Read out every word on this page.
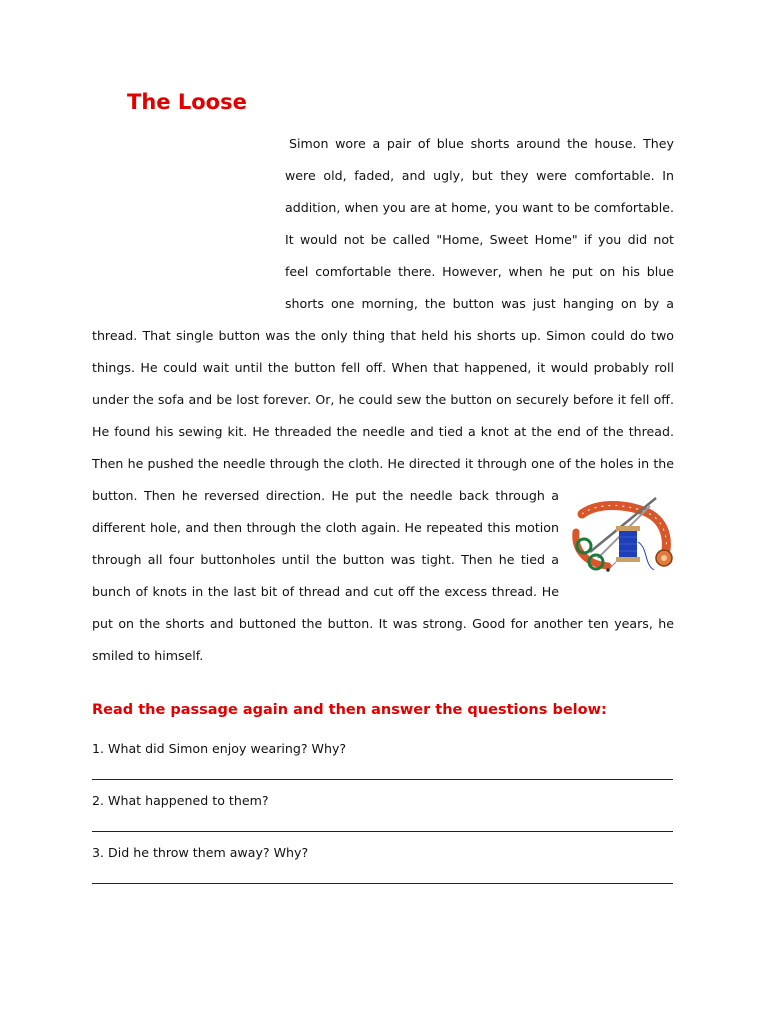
The Loose
Simon wore a pair of blue shorts around the house. They
were old, faded, and ugly, but they were comfortable. In
addition, when you are at home, you want to be comfortable.
It would not be called "Home, Sweet Home" if you did not
feel comfortable there. However, when he put on his blue
shorts one morning, the button was just hanging on by a
thread. That single button was the only thing that held his shorts up. Simon could do two
things. He could wait until the button fell off. When that happened, it would probably roll
under the sofa and be lost forever. Or, he could sew the button on securely before it fell off.
He found his sewing kit. He threaded the needle and tied a knot at the end of the thread.
Then he pushed the needle through the cloth. He directed it through one of the holes in the
button. Then he reversed direction. He put the needle back through a
different hole, and then through the cloth again. He repeated this motion
through all four buttonholes until the button was tight. Then he tied a
bunch of knots in the last bit of thread and cut off the excess thread. He
put on the shorts and buttoned the button. It was strong. Good for another ten years, he
smiled to himself.
Read the passage again and then answer the questions below:
1. What did Simon enjoy wearing? Why?
2. What happened to them?
3. Did he throw them away? Why?
